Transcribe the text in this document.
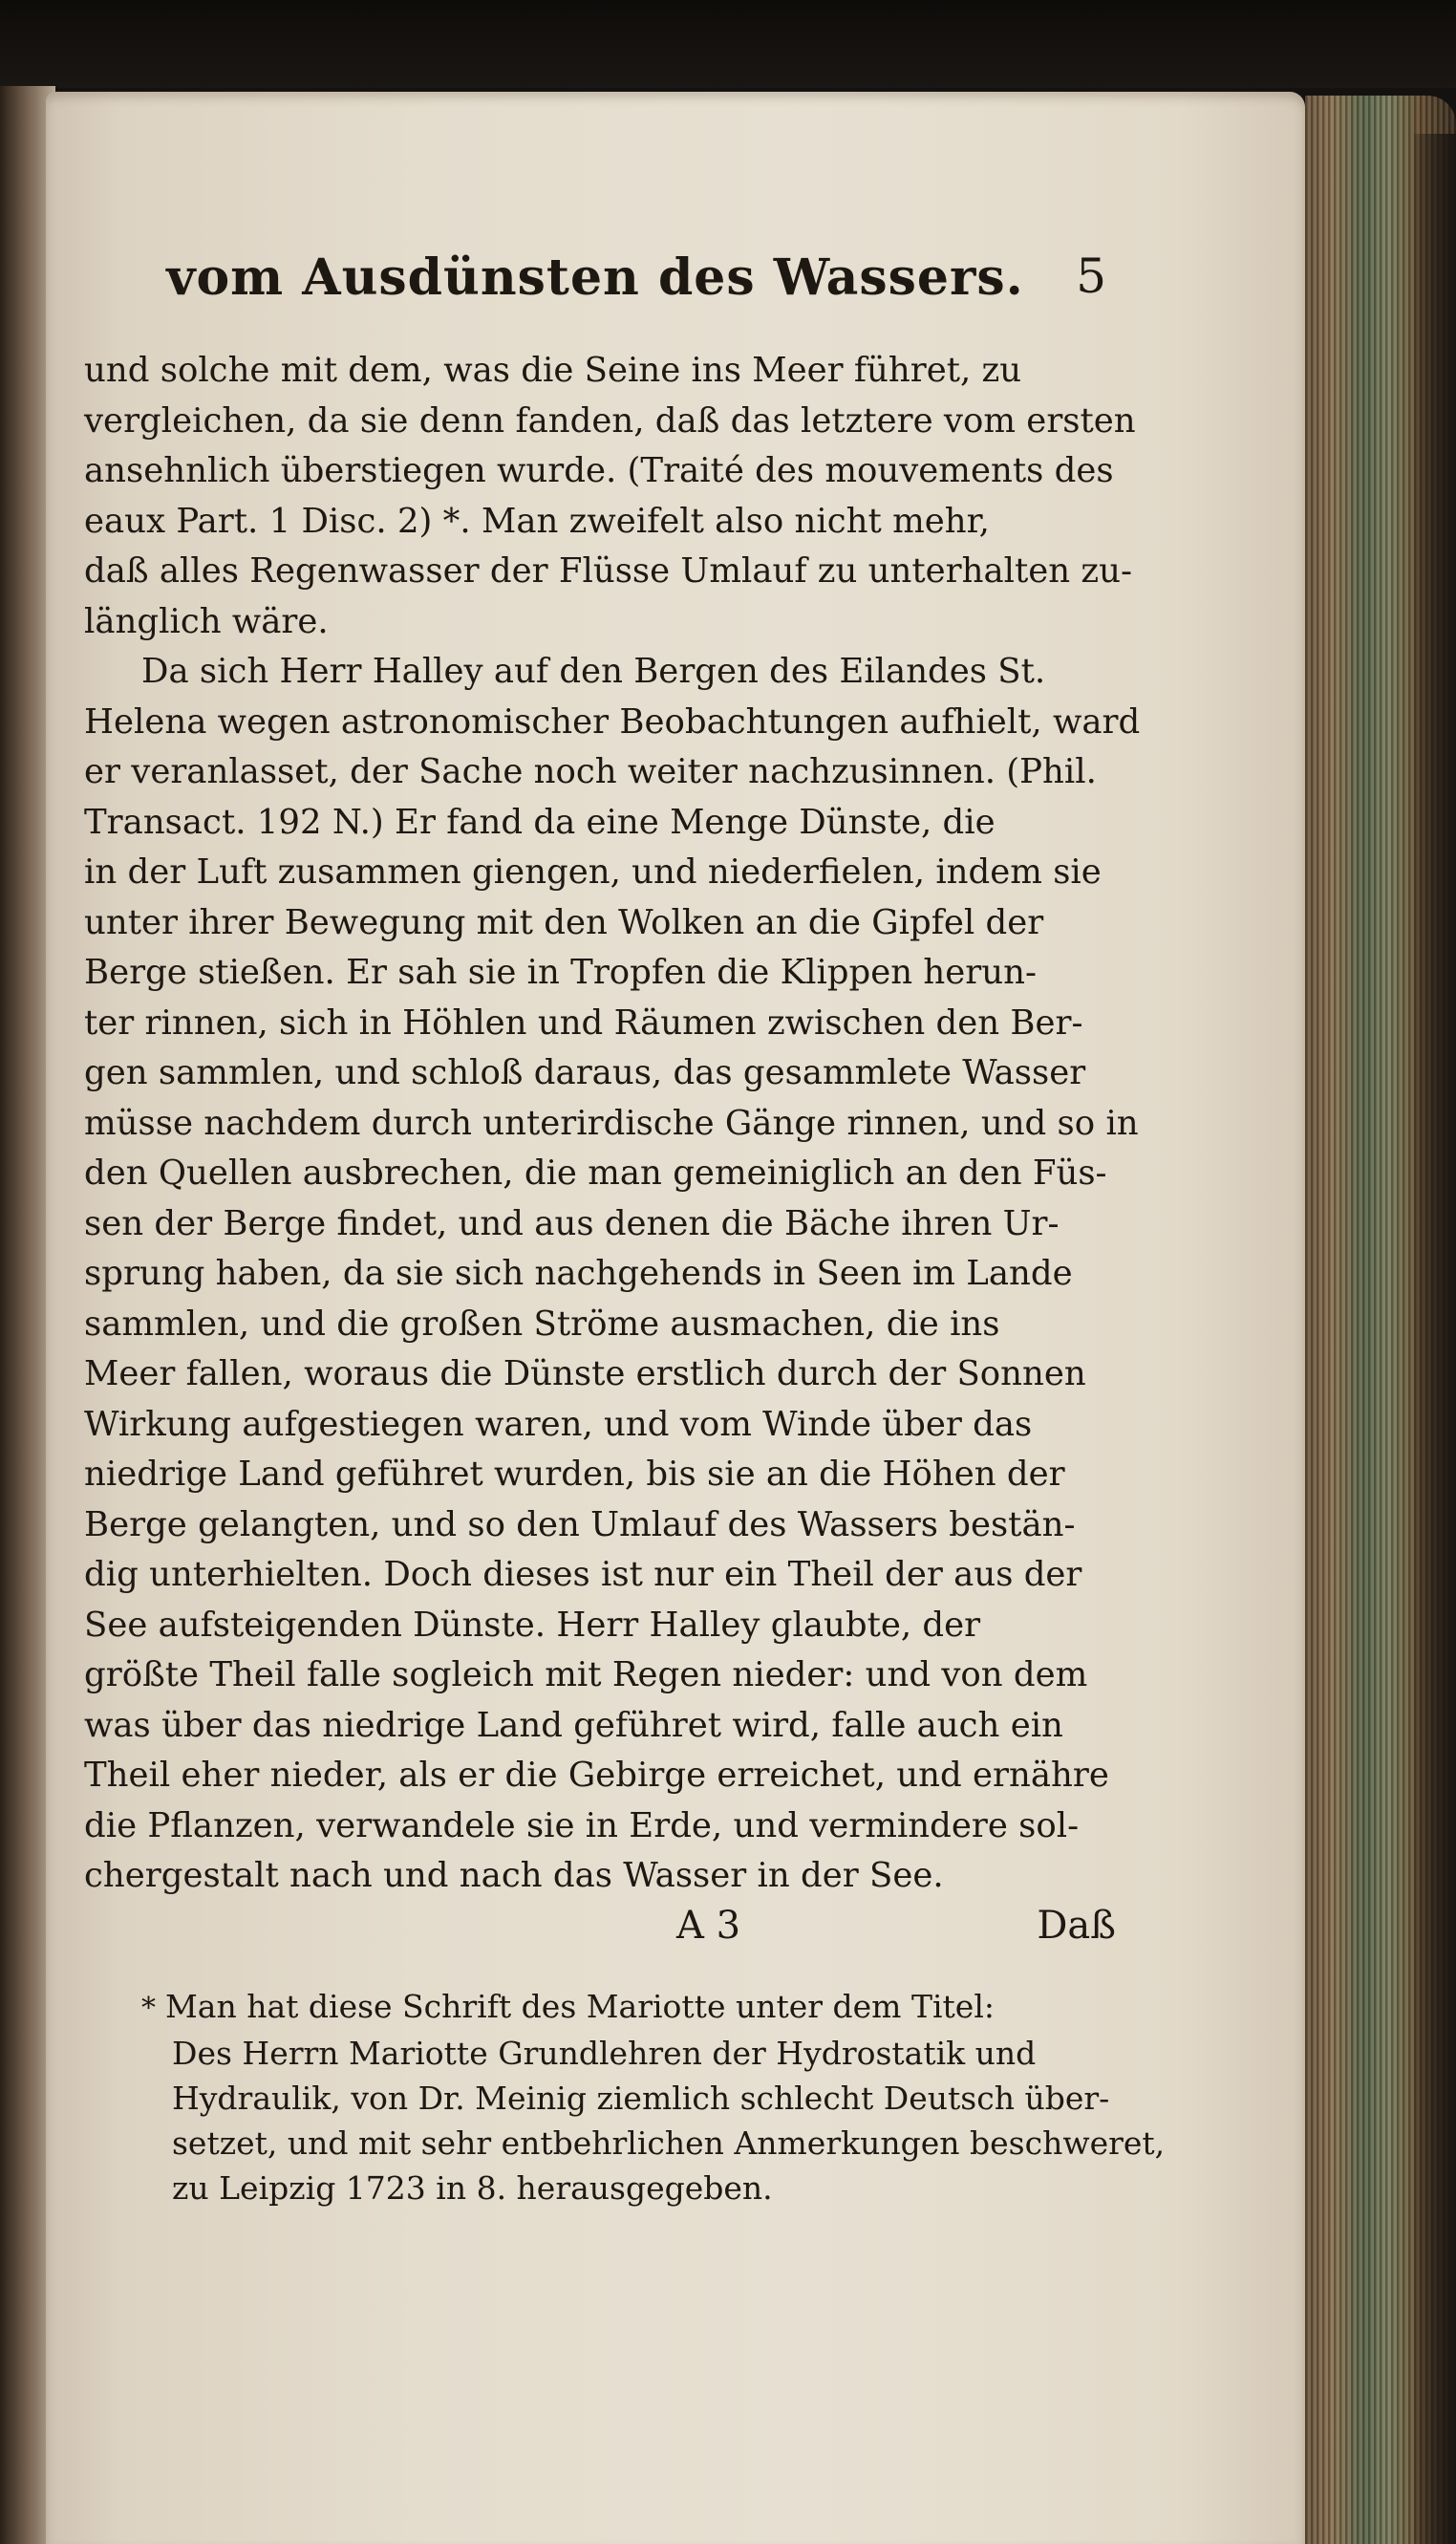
vom Ausdünsten des Wassers.	5

und solche mit dem, was die Seine ins Meer führet, zu
vergleichen, da sie denn fanden, daß das letztere vom ersten
ansehnlich überstiegen wurde. (Traité des mouvements des
eaux Part. 1 Disc. 2) *. Man zweifelt also nicht mehr,
daß alles Regenwasser der Flüsse Umlauf zu unterhalten zu-
länglich wäre.

Da sich Herr Halley auf den Bergen des Eilandes St.
Helena wegen astronomischer Beobachtungen aufhielt, ward
er veranlasset, der Sache noch weiter nachzusinnen. (Phil.
Transact. 192 N.) Er fand da eine Menge Dünste, die
in der Luft zusammen giengen, und niederfielen, indem sie
unter ihrer Bewegung mit den Wolken an die Gipfel der
Berge stießen. Er sah sie in Tropfen die Klippen herun-
ter rinnen, sich in Höhlen und Räumen zwischen den Ber-
gen sammlen, und schloß daraus, das gesammlete Wasser
müsse nachdem durch unterirdische Gänge rinnen, und so in
den Quellen ausbrechen, die man gemeiniglich an den Füs-
sen der Berge findet, und aus denen die Bäche ihren Ur-
sprung haben, da sie sich nachgehends in Seen im Lande
sammlen, und die großen Ströme ausmachen, die ins
Meer fallen, woraus die Dünste erstlich durch der Sonnen
Wirkung aufgestiegen waren, und vom Winde über das
niedrige Land geführet wurden, bis sie an die Höhen der
Berge gelangten, und so den Umlauf des Wassers bestän-
dig unterhielten. Doch dieses ist nur ein Theil der aus der
See aufsteigenden Dünste. Herr Halley glaubte, der
größte Theil falle sogleich mit Regen nieder: und von dem
was über das niedrige Land geführet wird, falle auch ein
Theil eher nieder, als er die Gebirge erreichet, und ernähre
die Pflanzen, verwandele sie in Erde, und vermindere sol-
chergestalt nach und nach das Wasser in der See.

A 3	Daß
* Man hat diese Schrift des Mariotte unter dem Titel:
Des Herrn Mariotte Grundlehren der Hydrostatik und
Hydraulik, von Dr. Meinig ziemlich schlecht Deutsch über-
setzet, und mit sehr entbehrlichen Anmerkungen beschweret,
zu Leipzig 1723 in 8. herausgegeben.
